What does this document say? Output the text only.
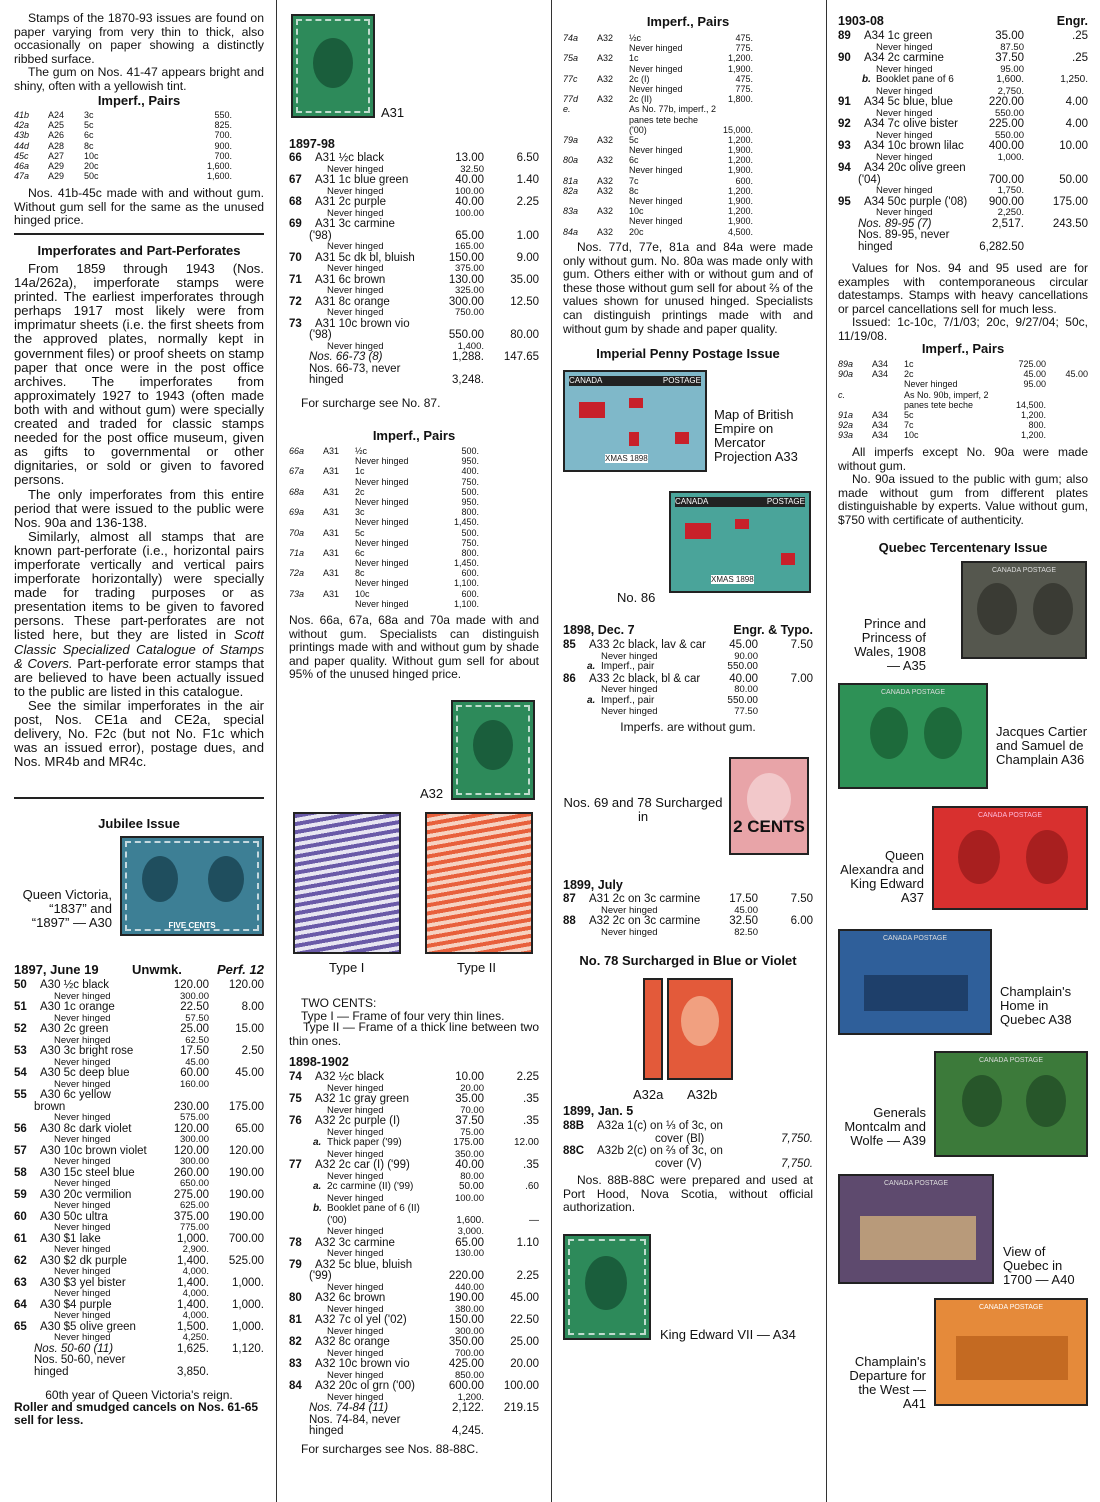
Stamps of the 1870-93 issues are found on paper varying from very thin to thick, also occasionally on paper showing a distinctly ribbed surface.

The gum on Nos. 41-47 appears bright and shiny, often with a yellowish tint.

Imperf., Pairs
41b A24 3c	550.
42a A25 5c	825.
43b A26 6c	700.
44d A28 8c	900.
45c A27 10c	700.
46a A29 20c	1,600.
47a A29 50c	1,600.

Nos. 41b-45c made with and without gum. Without gum sell for the same as the unused hinged price.

Imperforates and Part-Perforates

From 1859 through 1943 (Nos. 14a/262a), imperforate stamps were printed. The earliest imperforates through perhaps 1917 most likely were from imprimatur sheets (i.e. the first sheets from the approved plates, normally kept in government files) or proof sheets on stamp paper that once were in the post office archives. The imperforates from approximately 1927 to 1943 (often made both with and without gum) were specially created and traded for classic stamps needed for the post office museum, given as gifts to governmental or other dignitaries, or sold or given to favored persons.

The only imperforates from this entire period that were issued to the public were Nos. 90a and 136-138.

Similarly, almost all stamps that are known part-perforate (i.e., horizontal pairs imperforate vertically and vertical pairs imperforate horizontally) were specially made for trading purposes or as presentation items to be given to favored persons. These part-perforates are not listed here, but they are listed in Scott Classic Specialized Catalogue of Stamps & Covers. Part-perforate error stamps that are believed to have been actually issued to the public are listed in this catalogue.

See the similar imperforates in the air post, Nos. CE1a and CE2a, special delivery, No. F2c (but not No. F1c which was an issued error), postage dues, and Nos. MR4b and MR4c.

Jubilee Issue
FIVE CENTS
Queen Victoria, “1837” and “1897” — A30
1897, June 19	Unwmk.	Perf. 12
50 A30 ½c black	120.00 120.00
Never hinged	300.00
51 A30 1c orange	22.50	8.00
Never hinged	57.50
52 A30 2c green	25.00 15.00
Never hinged	62.50
53 A30 3c bright rose	17.50	2.50
Never hinged	45.00
54 A30 5c deep blue	60.00 45.00
Never hinged	160.00
55 A30 6c yellow
brown	230.00 175.00
Never hinged	575.00
56 A30 8c dark violet	120.00 65.00
Never hinged	300.00
57 A30 10c brown violet 120.00 120.00
Never hinged	300.00
58 A30 15c steel blue	260.00 190.00
Never hinged	650.00
59 A30 20c vermilion	275.00 190.00
Never hinged	625.00
60 A30 50c ultra	375.00 190.00
Never hinged	775.00
61 A30 $1 lake	1,000. 700.00
Never hinged	2,900.
62 A30 $2 dk purple	1,400. 525.00
Never hinged	4,000.
63 A30 $3 yel bister	1,400. 1,000.
Never hinged	4,000.
64 A30 $4 purple	1,400. 1,000.
Never hinged	4,000.
65 A30 $5 olive green	1,500. 1,000.
Never hinged	4,250.
Nos. 50-60 (11)	1,625. 1,120.
Nos. 50-60, never
hinged	3,850.
60th year of Queen Victoria's reign.
Roller and smudged cancels on Nos. 61-65 sell for less.
A31
1897-98
66 A31 ½c black	13.00	6.50
Never hinged	32.50
67 A31 1c blue green	40.00	1.40
Never hinged	100.00
68 A31 2c purple	40.00	2.25
Never hinged	100.00
69 A31 3c carmine
('98)	65.00	1.00
Never hinged	165.00
70 A31 5c dk bl, bluish	150.00	9.00
Never hinged	375.00
71 A31 6c brown	130.00 35.00
Never hinged	325.00
72 A31 8c orange	300.00 12.50
Never hinged	750.00
73 A31 10c brown vio
('98)	550.00 80.00
Never hinged	1,400.
Nos. 66-73 (8)	1,288. 147.65
Nos. 66-73, never
hinged	3,248.
For surcharge see No. 87.
Imperf., Pairs
66a A31 ½c	500.
Never hinged	950.
67a A31 1c	400.
Never hinged	750.
68a A31 2c	500.
Never hinged	950.
69a A31 3c	800.
Never hinged	1,450.
70a A31 5c	500.
Never hinged	750.
71a A31 6c	800.
Never hinged	1,450.
72a A31 8c	600.
Never hinged	1,100.
73a A31 10c	600.
Never hinged	1,100.

Nos. 66a, 67a, 68a and 70a made with and without gum. Specialists can distinguish printings made with and without gum by shade and paper quality. Without gum sell for about 95% of the unused hinged price.

A32
Type I	Type II
TWO CENTS:
Type I — Frame of four very thin lines.

Type II — Frame of a thick line between two thin ones.

1898-1902
74 A32 ½c black	10.00	2.25
Never hinged	20.00
75 A32 1c gray green	35.00	.35
Never hinged	70.00
76 A32 2c purple (I)	37.50	.35
Never hinged	75.00
a. Thick paper ('99)	175.00	12.00
Never hinged	350.00
77 A32 2c car (I) ('99)	40.00	.35
Never hinged	80.00
a. 2c carmine (II) ('99)	50.00	.60
Never hinged	100.00
b. Booklet pane of 6 (II)
('00)	1,600.	—
Never hinged	3,000.
78 A32 3c carmine	65.00	1.10
Never hinged	130.00
79 A32 5c blue, bluish
('99)	220.00	2.25
Never hinged	440.00
80 A32 6c brown	190.00 45.00
Never hinged	380.00
81 A32 7c ol yel ('02)	150.00 22.50
Never hinged	300.00
82 A32 8c orange	350.00 25.00
Never hinged	700.00
83 A32 10c brown vio	425.00 20.00
Never hinged	850.00
84 A32 20c ol grn ('00)	600.00 100.00
Never hinged	1,200.
Nos. 74-84 (11)	2,122. 219.15
Nos. 74-84, never
hinged	4,245.
For surcharges see Nos. 88-88C.
Imperf., Pairs
74a A32 ½c	475.
Never hinged	775.
75a A32 1c	1,200.
Never hinged	1,900.
77c A32 2c (I)	475.
Never hinged	775.
77d A32 2c (II)	1,800.
e.	As No. 77b, imperf., 2
panes tete beche
('00)	15,000.
79a A32 5c	1,200.
Never hinged	1,900.
80a A32 6c	1,200.
Never hinged	1,900.
81a A32 7c	600.
82a A32 8c	1,200.
Never hinged	1,900.
83a A32 10c	1,200.
Never hinged	1,900.
84a A32 20c	4,500.

Nos. 77d, 77e, 81a and 84a were made only without gum. No. 80a was made only with gum. Others either with or without gum and of these those without gum sell for about ⅔ of the values shown for unused hinged. Specialists can distinguish printings made with and without gum by shade and paper quality.

Imperial Penny Postage Issue
CANADA	POSTAGE
XMAS 1898
Map of British Empire on Mercator Projection A33
CANADA	POSTAGE
XMAS 1898
No. 86
1898, Dec. 7	Engr. & Typo.
85 A33 2c black, lav & car 45.00	7.50
Never hinged	90.00
a. Imperf., pair	550.00
86 A33 2c black, bl & car	40.00	7.00
Never hinged	80.00
a. Imperf., pair	550.00
Never hinged	77.50
Imperfs. are without gum.
2 CENTS
Nos. 69 and 78 Surcharged in
1899, July
87 A31 2c on 3c carmine	17.50	7.50
Never hinged	45.00
88 A32 2c on 3c carmine	32.50	6.00
Never hinged	82.50
No. 78 Surcharged in Blue or Violet
A32a A32b
1899, Jan. 5
88B A32a 1(c) on ⅓ of 3c, on
cover (Bl)	7,750.
88C A32b 2(c) on ⅔ of 3c, on
cover (V)	7,750.

Nos. 88B-88C were prepared and used at Port Hood, Nova Scotia, without official authorization.

King Edward VII — A34
1903-08	Engr.
89 A34 1c green	35.00	.25
Never hinged	87.50
90 A34 2c carmine	37.50	.25
Never hinged	95.00
b. Booklet pane of 6	1,600.	1,250.
Never hinged	2,750.
91 A34 5c blue, blue	220.00	4.00
Never hinged	550.00
92 A34 7c olive bister	225.00	4.00
Never hinged	550.00
93 A34 10c brown lilac 400.00	10.00
Never hinged	1,000.
94 A34 20c olive green
('04)	700.00	50.00
Never hinged	1,750.
95 A34 50c purple ('08) 900.00	175.00
Never hinged	2,250.
Nos. 89-95 (7)	2,517.	243.50
Nos. 89-95, never
hinged	6,282.50

Values for Nos. 94 and 95 used are for examples with contemporaneous circular datestamps. Stamps with heavy cancellations or parcel cancellations sell for much less.

Issued: 1c-10c, 7/1/03; 20c, 9/27/04; 50c, 11/19/08.

Imperf., Pairs
89a A34 1c	725.00
90a A34 2c	45.00 45.00
Never hinged	95.00
c.	As No. 90b, imperf, 2
panes tete beche	14,500.
91a A34 5c	1,200.
92a A34 7c	800.
93a A34 10c	1,200.

All imperfs except No. 90a were made without gum.

No. 90a issued to the public with gum; also made without gum from different plates distinguishable by experts. Value without gum, $750 with certificate of authenticity.

Quebec Tercentenary Issue
CANADA POSTAGE
Prince and Princess of Wales, 1908 — A35
CANADA POSTAGE
Jacques Cartier and Samuel de Champlain A36
CANADA POSTAGE
Queen Alexandra and King Edward A37
CANADA POSTAGE
Champlain's Home in Quebec A38
CANADA POSTAGE
Generals Montcalm and Wolfe — A39
CANADA POSTAGE
View of Quebec in 1700 — A40
CANADA POSTAGE
Champlain's Departure for the West — A41
